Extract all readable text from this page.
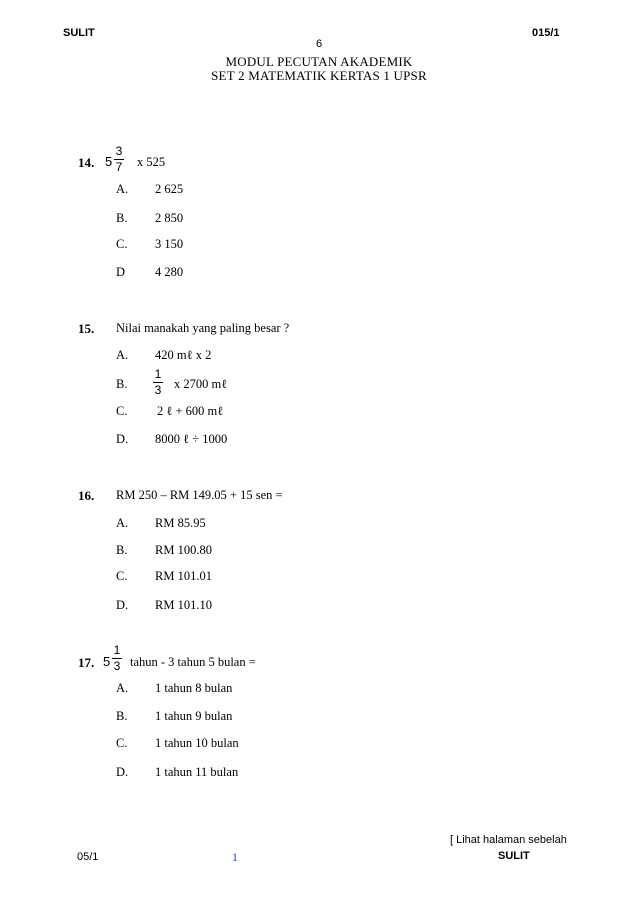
SULIT
6
015/1
MODUL PECUTAN AKADEMIK
SET 2 MATEMATIK KERTAS 1 UPSR
14. 5
3
7 x 525
A. 2 625
B. 2 850
C. 3 150
D 4 280
15. Nilai manakah yang paling besar ?
A. 420 mℓ x 2
B.
1
3 x 2700 mℓ
C. 2 ℓ + 600 mℓ
D. 8000 ℓ ÷ 1000
16. RM 250 – RM 149.05 + 15 sen =
A. RM 85.95
B. RM 100.80
C. RM 101.01
D. RM 101.10
17. 5
1
3 tahun - 3 tahun 5 bulan =
A. 1 tahun 8 bulan
B. 1 tahun 9 bulan
C. 1 tahun 10 bulan
D. 1 tahun 11 bulan
[ Lihat halaman sebelah
05/1	1	SULIT
